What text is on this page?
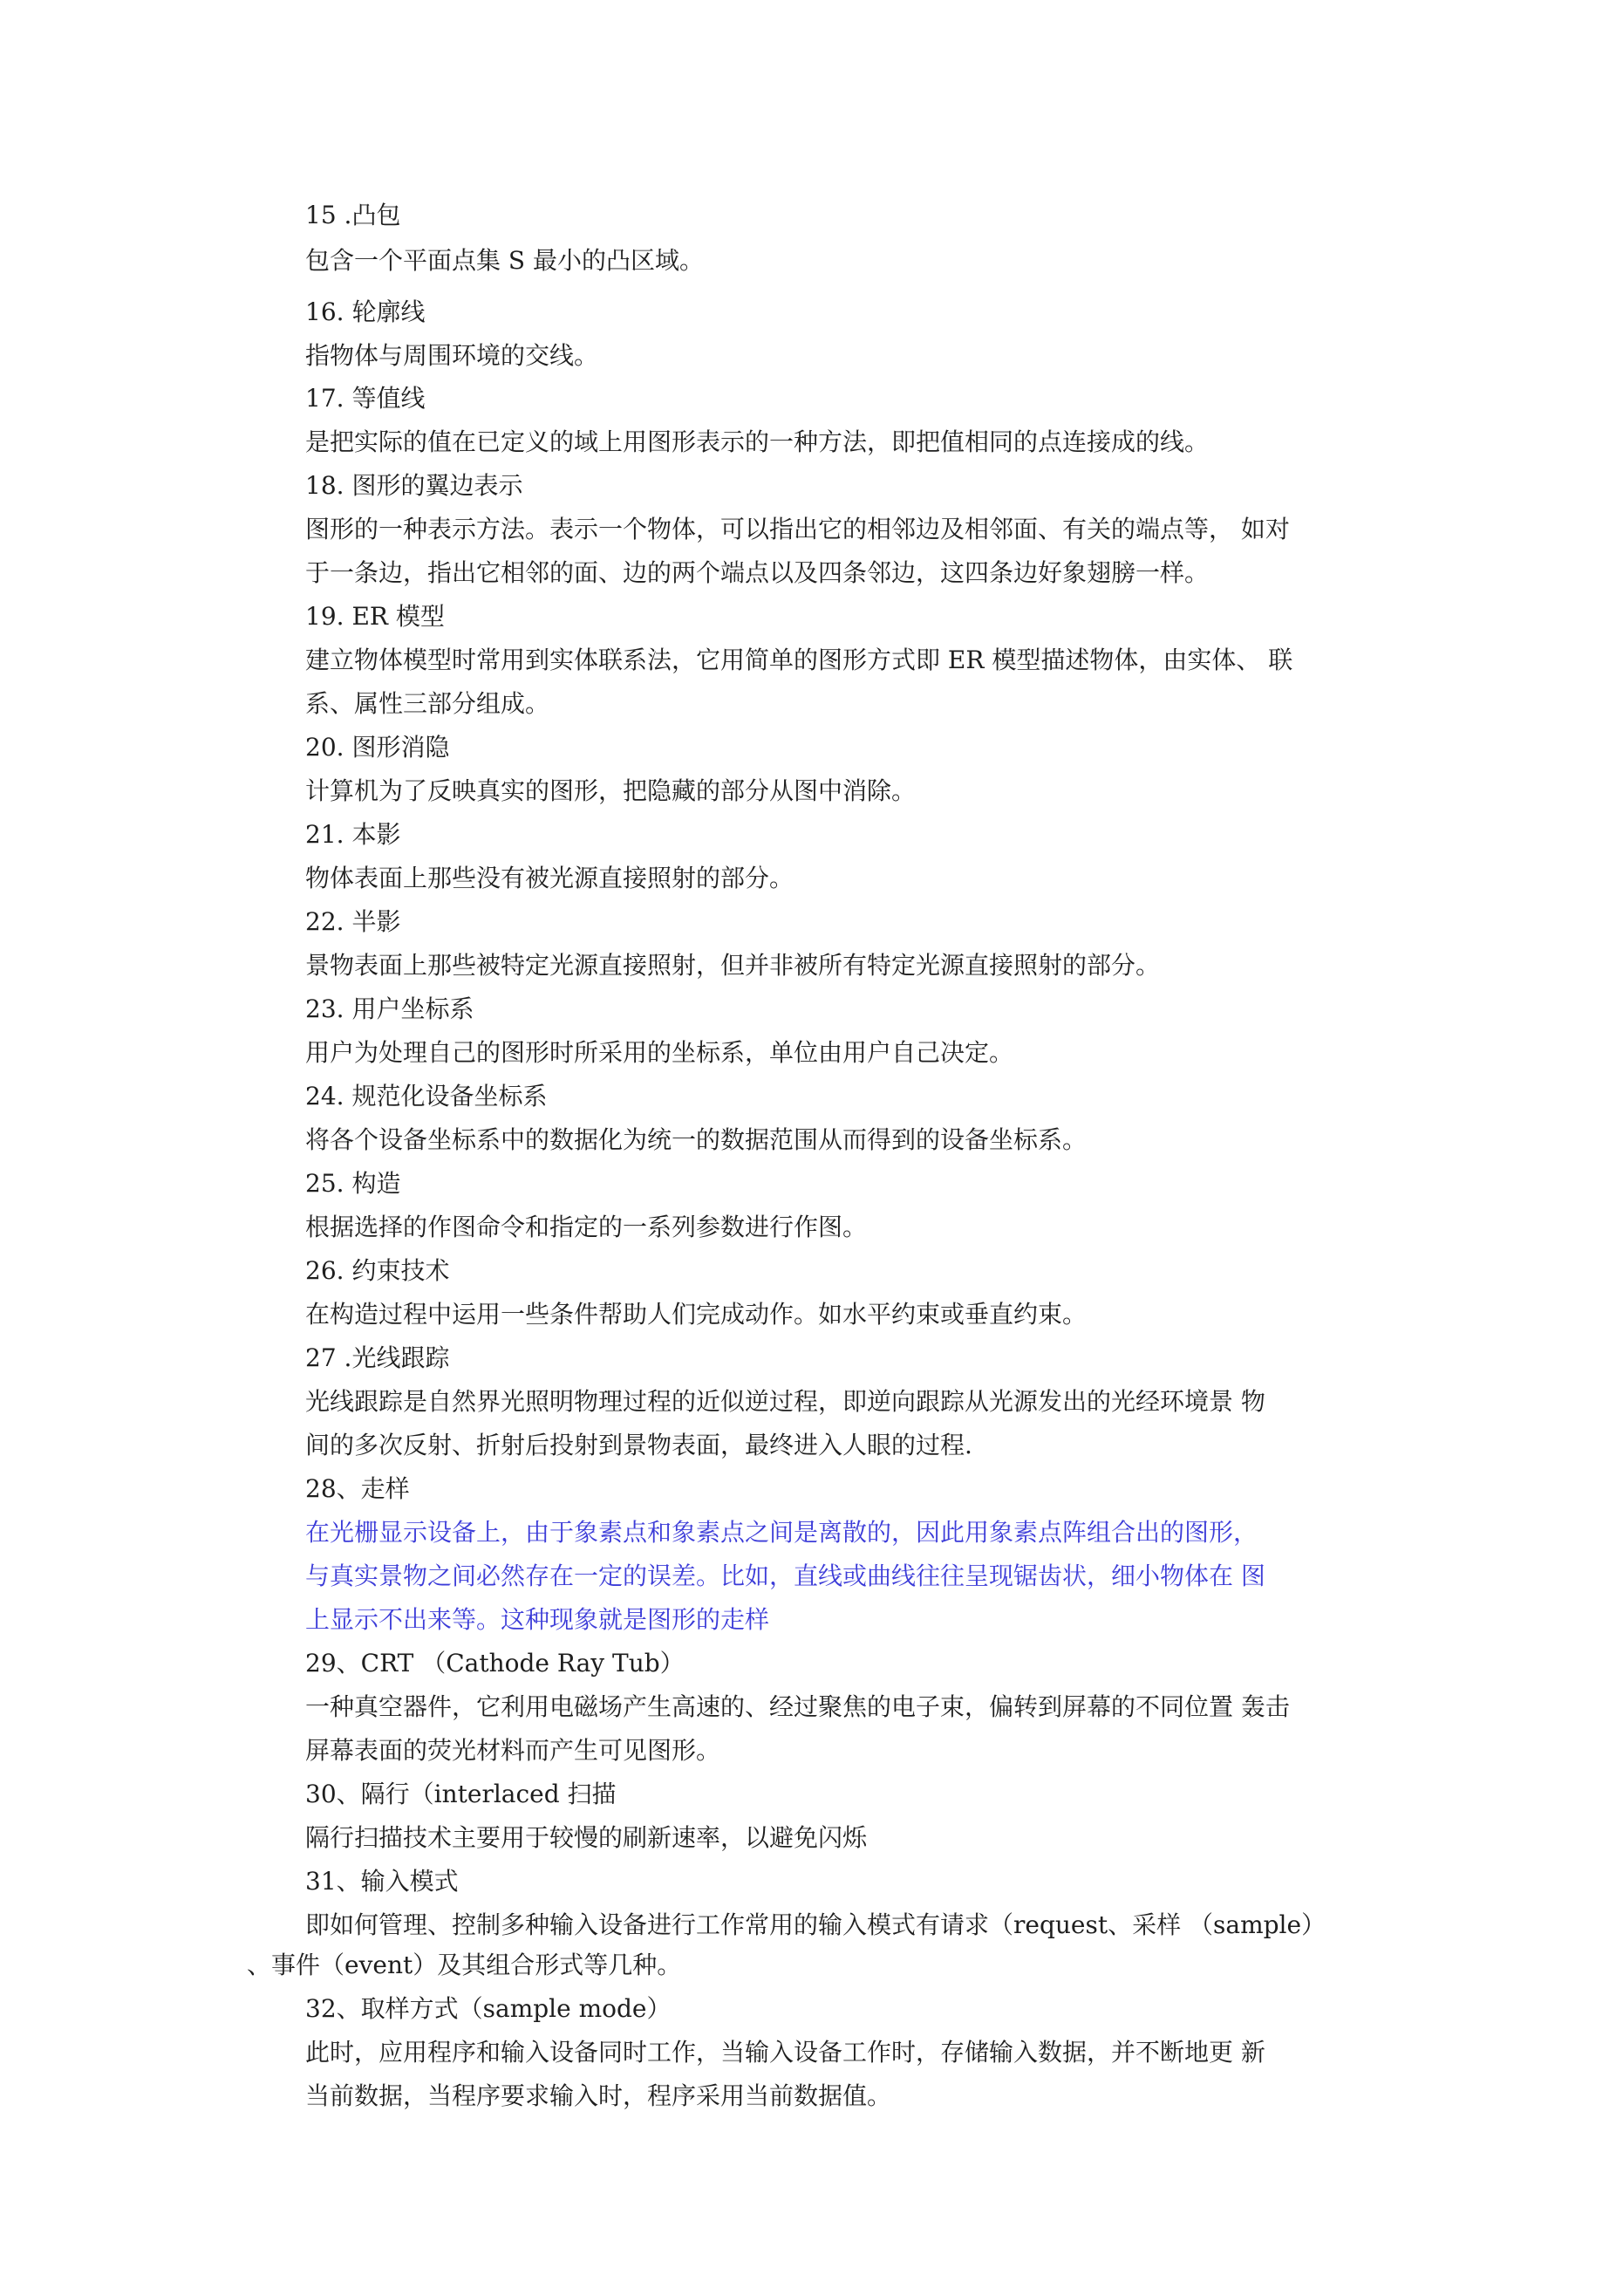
15 .凸包
包含一个平面点集 S 最小的凸区域。
16. 轮廓线
指物体与周围环境的交线。
17. 等值线
是把实际的值在已定义的域上用图形表示的一种方法，即把值相同的点连接成的线。
18. 图形的翼边表示
图形的一种表示方法。表示一个物体，可以指出它的相邻边及相邻面、有关的端点等， 如对
于一条边，指出它相邻的面、边的两个端点以及四条邻边，这四条边好象翅膀一样。
19. ER 模型
建立物体模型时常用到实体联系法，它用简单的图形方式即 ER 模型描述物体，由实体、 联
系、属性三部分组成。
20. 图形消隐
计算机为了反映真实的图形，把隐藏的部分从图中消除。
21. 本影
物体表面上那些没有被光源直接照射的部分。
22. 半影
景物表面上那些被特定光源直接照射，但并非被所有特定光源直接照射的部分。
23. 用户坐标系
用户为处理自己的图形时所采用的坐标系，单位由用户自己决定。
24. 规范化设备坐标系
将各个设备坐标系中的数据化为统一的数据范围从而得到的设备坐标系。
25. 构造
根据选择的作图命令和指定的一系列参数进行作图。
26. 约束技术
在构造过程中运用一些条件帮助人们完成动作。如水平约束或垂直约束。
27 .光线跟踪
光线跟踪是自然界光照明物理过程的近似逆过程，即逆向跟踪从光源发出的光经环境景 物
间的多次反射、折射后投射到景物表面，最终进入人眼的过程.
28、走样
在光栅显示设备上，由于象素点和象素点之间是离散的，因此用象素点阵组合出的图形，
与真实景物之间必然存在一定的误差。比如，直线或曲线往往呈现锯齿状，细小物体在 图
上显示不出来等。这种现象就是图形的走样
29、CRT （Cathode Ray Tub）
一种真空器件，它利用电磁场产生高速的、经过聚焦的电子束，偏转到屏幕的不同位置 轰击
屏幕表面的荧光材料而产生可见图形。
30、隔行（interlaced 扫描
隔行扫描技术主要用于较慢的刷新速率，以避免闪烁
31、输入模式
即如何管理、控制多种输入设备进行工作常用的输入模式有请求（request、采样 （sample）
、事件（event）及其组合形式等几种。
32、取样方式（sample mode）
此时，应用程序和输入设备同时工作，当输入设备工作时，存储输入数据，并不断地更 新
当前数据，当程序要求输入时，程序采用当前数据值。
